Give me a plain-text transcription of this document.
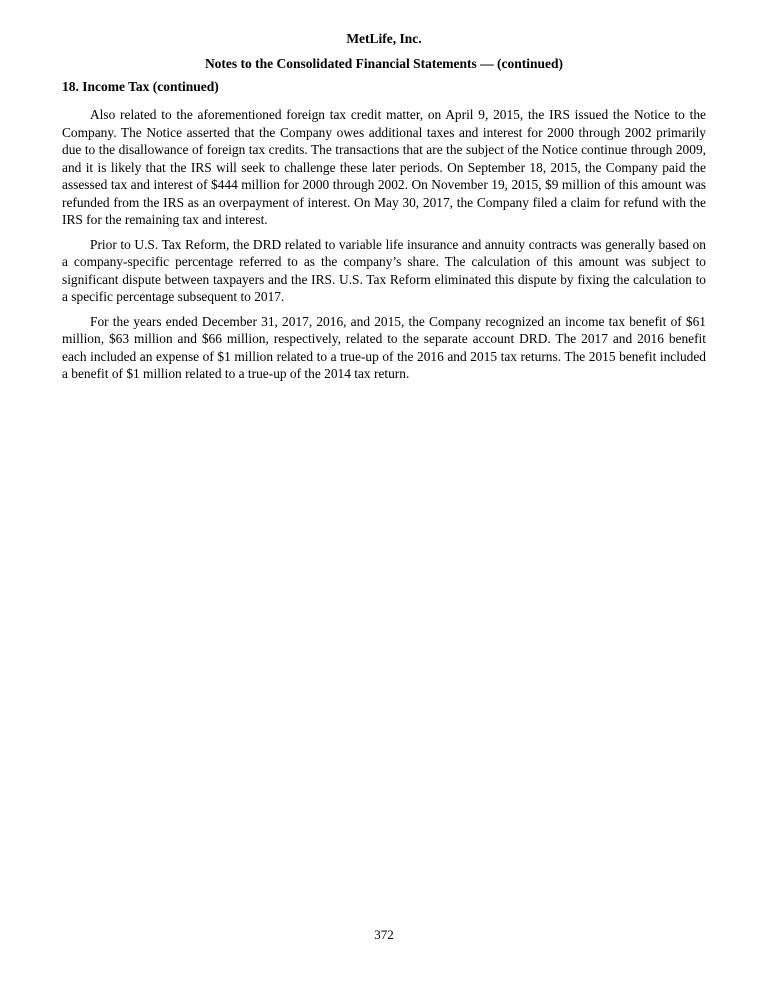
MetLife, Inc.
Notes to the Consolidated Financial Statements — (continued)
18. Income Tax (continued)

Also related to the aforementioned foreign tax credit matter, on April 9, 2015, the IRS issued the Notice to the Company. The Notice asserted that the Company owes additional taxes and interest for 2000 through 2002 primarily due to the disallowance of foreign tax credits. The transactions that are the subject of the Notice continue through 2009, and it is likely that the IRS will seek to challenge these later periods. On September 18, 2015, the Company paid the assessed tax and interest of $444 million for 2000 through 2002. On November 19, 2015, $9 million of this amount was refunded from the IRS as an overpayment of interest. On May 30, 2017, the Company filed a claim for refund with the IRS for the remaining tax and interest.

Prior to U.S. Tax Reform, the DRD related to variable life insurance and annuity contracts was generally based on a company-specific percentage referred to as the company’s share. The calculation of this amount was subject to significant dispute between taxpayers and the IRS. U.S. Tax Reform eliminated this dispute by fixing the calculation to a specific percentage subsequent to 2017.

For the years ended December 31, 2017, 2016, and 2015, the Company recognized an income tax benefit of $61 million, $63 million and $66 million, respectively, related to the separate account DRD. The 2017 and 2016 benefit each included an expense of $1 million related to a true-up of the 2016 and 2015 tax returns. The 2015 benefit included a benefit of $1 million related to a true-up of the 2014 tax return.

372
